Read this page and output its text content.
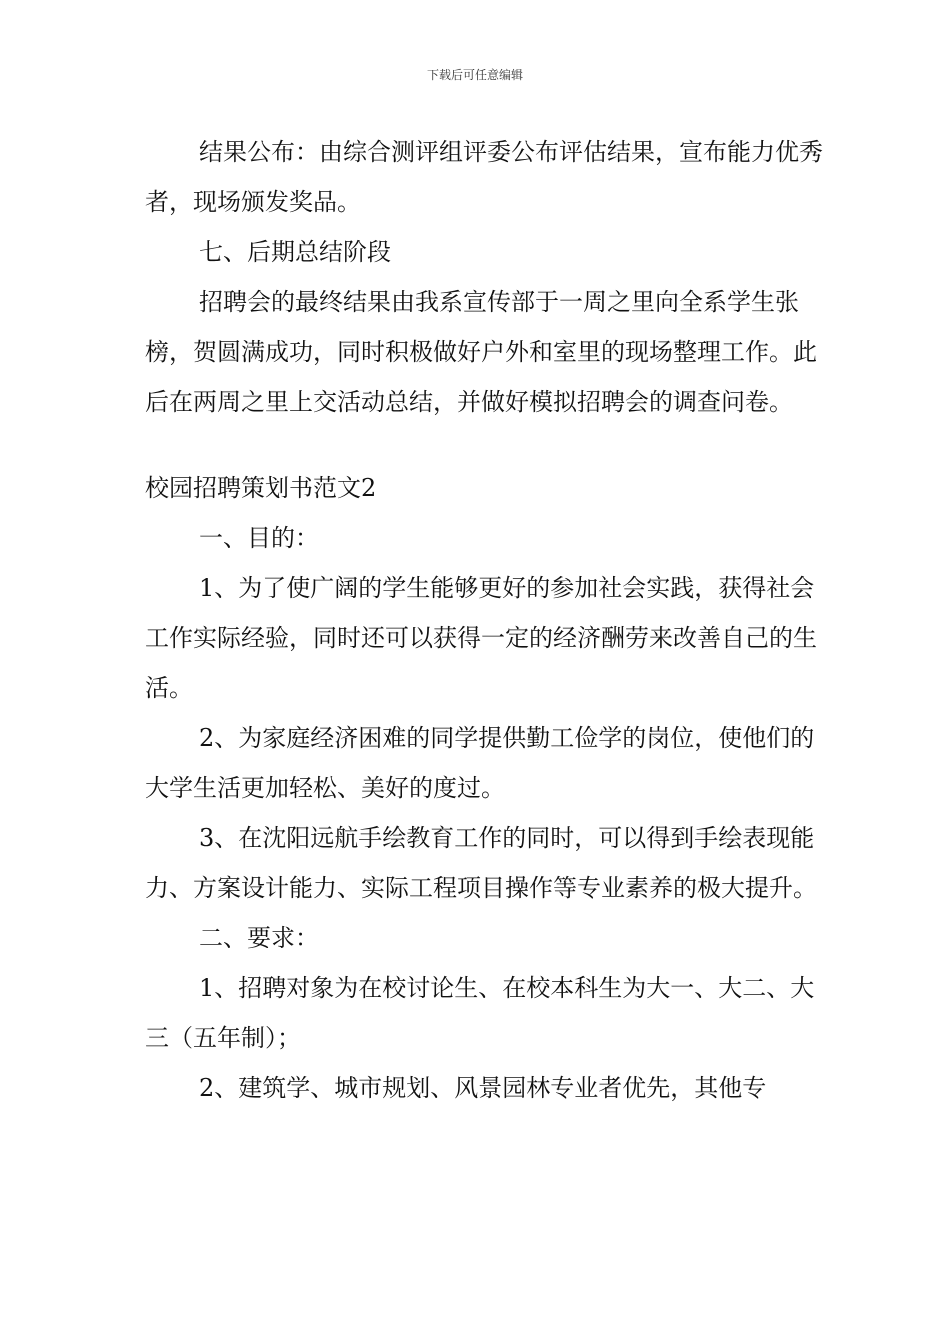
下载后可任意编辑

结果公布：由综合测评组评委公布评估结果，宣布能力优秀者，现场颁发奖品。

七、后期总结阶段

招聘会的最终结果由我系宣传部于一周之里向全系学生张榜，贺圆满成功，同时积极做好户外和室里的现场整理工作。此后在两周之里上交活动总结，并做好模拟招聘会的调查问卷。

校园招聘策划书范文2

一、目的：

1、为了使广阔的学生能够更好的参加社会实践，获得社会工作实际经验，同时还可以获得一定的经济酬劳来改善自己的生活。

2、为家庭经济困难的同学提供勤工俭学的岗位，使他们的大学生活更加轻松、美好的度过。

3、在沈阳远航手绘教育工作的同时，可以得到手绘表现能力、方案设计能力、实际工程项目操作等专业素养的极大提升。

二、要求：

1、招聘对象为在校讨论生、在校本科生为大一、大二、大三（五年制）；

2、建筑学、城市规划、风景园林专业者优先，其他专
